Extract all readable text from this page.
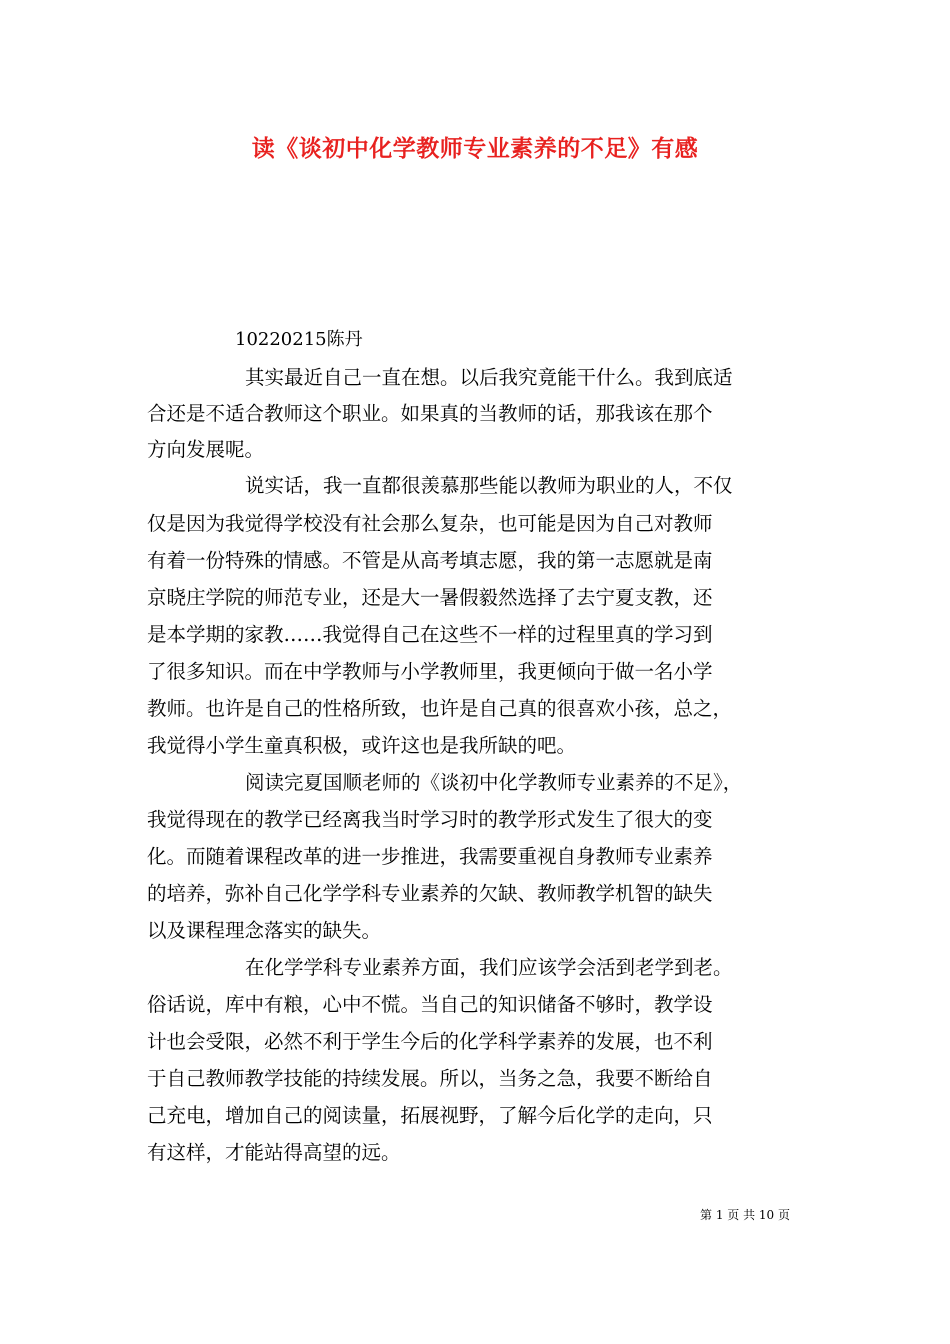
读《谈初中化学教师专业素养的不足》有感
10220215陈丹
其实最近自己一直在想。以后我究竟能干什么。我到底适
合还是不适合教师这个职业。如果真的当教师的话，那我该在那个
方向发展呢。
说实话，我一直都很羡慕那些能以教师为职业的人，不仅
仅是因为我觉得学校没有社会那么复杂，也可能是因为自己对教师
有着一份特殊的情感。不管是从高考填志愿，我的第一志愿就是南
京晓庄学院的师范专业，还是大一暑假毅然选择了去宁夏支教，还
是本学期的家教……我觉得自己在这些不一样的过程里真的学习到
了很多知识。而在中学教师与小学教师里，我更倾向于做一名小学
教师。也许是自己的性格所致，也许是自己真的很喜欢小孩，总之，
我觉得小学生童真积极，或许这也是我所缺的吧。
阅读完夏国顺老师的《谈初中化学教师专业素养的不足》，
我觉得现在的教学已经离我当时学习时的教学形式发生了很大的变
化。而随着课程改革的进一步推进，我需要重视自身教师专业素养
的培养，弥补自己化学学科专业素养的欠缺、教师教学机智的缺失
以及课程理念落实的缺失。
在化学学科专业素养方面，我们应该学会活到老学到老。
俗话说，库中有粮，心中不慌。当自己的知识储备不够时，教学设
计也会受限，必然不利于学生今后的化学科学素养的发展，也不利
于自己教师教学技能的持续发展。所以，当务之急，我要不断给自
己充电，增加自己的阅读量，拓展视野，了解今后化学的走向，只
有这样，才能站得高望的远。
第 1 页 共 10 页
